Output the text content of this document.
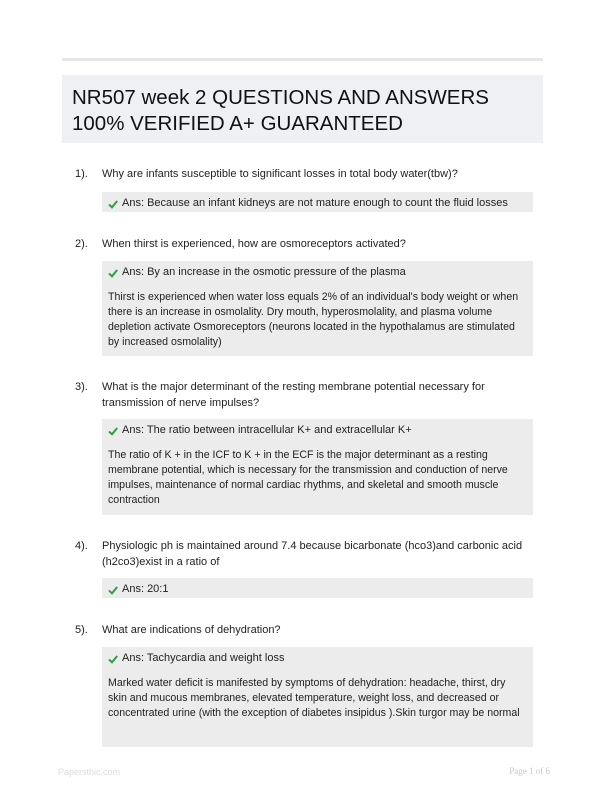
NR507 week 2 QUESTIONS AND ANSWERS
100% VERIFIED A+ GUARANTEED
1). Why are infants susceptible to significant losses in total body water(tbw)?
Ans: Because an infant kidneys are not mature enough to count the fluid losses
2). When thirst is experienced, how are osmoreceptors activated?
Ans: By an increase in the osmotic pressure of the plasma
Thirst is experienced when water loss equals 2% of an individual's body weight or when there is an increase in osmolality. Dry mouth, hyperosmolality, and plasma volume depletion activate Osmoreceptors (neurons located in the hypothalamus are stimulated by increased osmolality)
3). What is the major determinant of the resting membrane potential necessary for transmission of nerve impulses?
Ans: The ratio between intracellular K+ and extracellular K+
The ratio of K + in the ICF to K + in the ECF is the major determinant as a resting membrane potential, which is necessary for the transmission and conduction of nerve impulses, maintenance of normal cardiac rhythms, and skeletal and smooth muscle contraction
4). Physiologic ph is maintained around 7.4 because bicarbonate (hco3)and carbonic acid (h2co3)exist in a ratio of
Ans: 20:1
5). What are indications of dehydration?
Ans: Tachycardia and weight loss
Marked water deficit is manifested by symptoms of dehydration: headache, thirst, dry skin and mucous membranes, elevated temperature, weight loss, and decreased or concentrated urine (with the exception of diabetes insipidus ).Skin turgor may be normal
Paperstbic.com	Page 1 of 6
